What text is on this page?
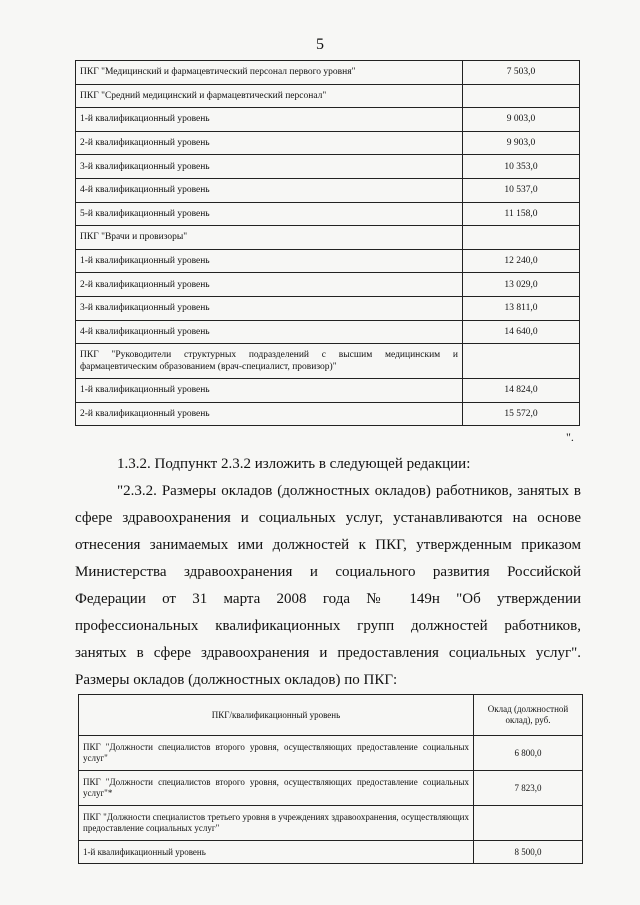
5
ПКГ "Медицинский и фармацевтический персонал первого уровня"	7 503,0
ПКГ "Средний медицинский и фармацевтический персонал"	
1-й квалификационный уровень	9 003,0
2-й квалификационный уровень	9 903,0
3-й квалификационный уровень	10 353,0
4-й квалификационный уровень	10 537,0
5-й квалификационный уровень	11 158,0
ПКГ "Врачи и провизоры"	
1-й квалификационный уровень	12 240,0
2-й квалификационный уровень	13 029,0
3-й квалификационный уровень	13 811,0
4-й квалификационный уровень	14 640,0
ПКГ "Руководители структурных подразделений с высшим медицинским и фармацевтическим образованием (врач-специалист, провизор)"	
1-й квалификационный уровень	14 824,0
2-й квалификационный уровень	15 572,0
".
1.3.2. Подпункт 2.3.2 изложить в следующей редакции:
"2.3.2. Размеры окладов (должностных окладов) работников, занятых в сфере здравоохранения и социальных услуг, устанавливаются на основе отнесения занимаемых ими должностей к ПКГ, утвержденным приказом Министерства здравоохранения и социального развития Российской Федерации от 31 марта 2008 года № 149н "Об утверждении профессиональных квалификационных групп должностей работников, занятых в сфере здравоохранения и предоставления социальных услуг". Размеры окладов (должностных окладов) по ПКГ:
ПКГ/квалификационный уровень	Оклад (должностной оклад), руб.
ПКГ "Должности специалистов второго уровня, осуществляющих предоставление социальных услуг"	6 800,0
ПКГ "Должности специалистов второго уровня, осуществляющих предоставление социальных услуг"*	7 823,0
ПКГ "Должности специалистов третьего уровня в учреждениях здравоохранения, осуществляющих предоставление социальных услуг"	
1-й квалификационный уровень	8 500,0
